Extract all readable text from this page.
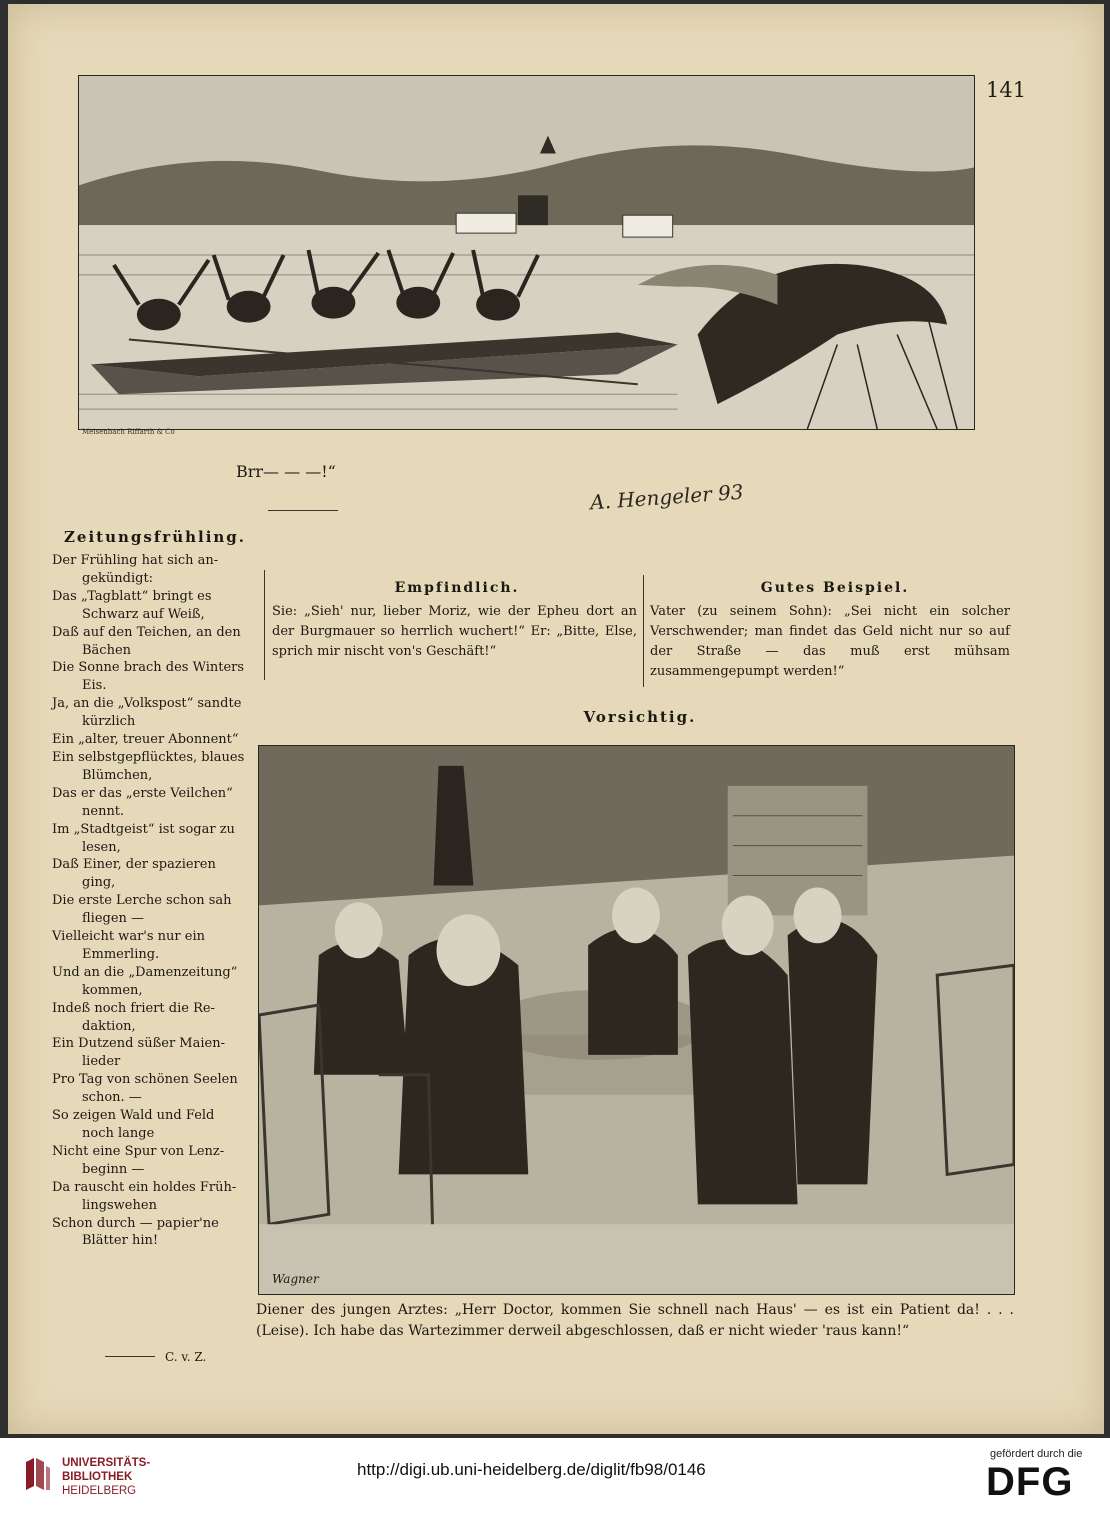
141
Meisenbach Riffarth & Co
Brr— — —!“
A. Hengeler 93
Zeitungsfrühling.
Der Frühling hat sich an-
gekündigt:
Das „Tagblatt“ bringt es
Schwarz auf Weiß,
Daß auf den Teichen, an den
Bächen
Die Sonne brach des Winters
Eis.
Ja, an die „Volkspost“ sandte
kürzlich
Ein „alter, treuer Abonnent“
Ein selbstgepflücktes, blaues
Blümchen,
Das er das „erste Veilchen“
nennt.
Im „Stadtgeist“ ist sogar zu
lesen,
Daß Einer, der spazieren
ging,
Die erste Lerche schon sah
fliegen —
Vielleicht war's nur ein
Emmerling.
Und an die „Damenzeitung“
kommen,
Indeß noch friert die Re-
daktion,
Ein Dutzend süßer Maien-
lieder
Pro Tag von schönen Seelen
schon. —
So zeigen Wald und Feld
noch lange
Nicht eine Spur von Lenz-
beginn —
Da rauscht ein holdes Früh-
lingswehen
Schon durch — papier'ne
Blätter hin!
C. v. Z.
Empfindlich.
Sie: „Sieh' nur, lieber Moriz, wie der Epheu dort an der Burgmauer so herrlich wuchert!“ Er: „Bitte, Else, sprich mir nischt von's Geschäft!“
Gutes Beispiel.
Vater (zu seinem Sohn): „Sei nicht ein solcher Verschwender; man findet das Geld nicht nur so auf der Straße — das muß erst mühsam zusammengepumpt werden!“
Vorsichtig.
Wagner
Diener des jungen Arztes: „Herr Doctor, kommen Sie schnell nach Haus' — es ist ein Patient da! . . . (Leise). Ich habe das Wartezimmer derweil abgeschlossen, daß er nicht wieder 'raus kann!“
UNIVERSITÄTS-
BIBLIOTHEK
HEIDELBERG
http://digi.ub.uni-heidelberg.de/diglit/fb98/0146
gefördert durch die
DFG
